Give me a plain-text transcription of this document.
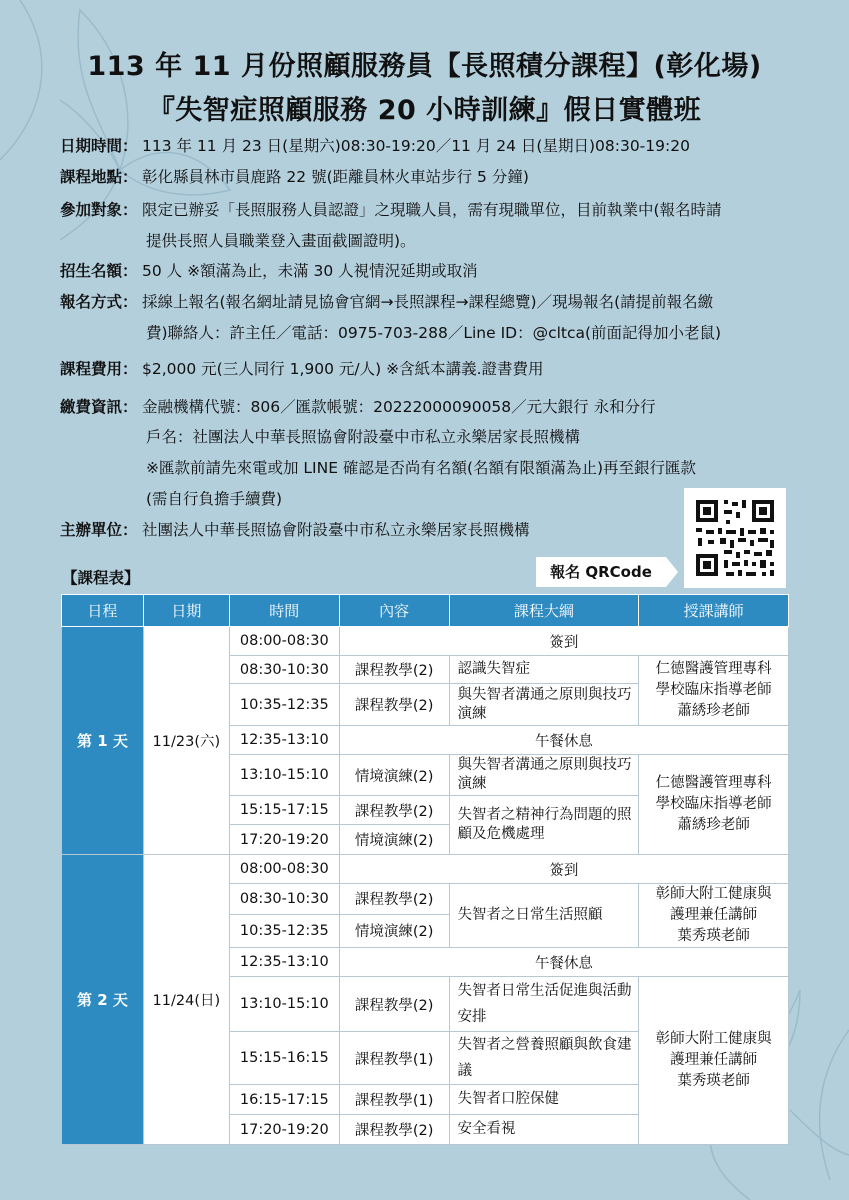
113 年 11 月份照顧服務員【長照積分課程】(彰化場)
『失智症照顧服務 20 小時訓練』假日實體班
日期時間： 113 年 11 月 23 日(星期六)08:30-19:20／11 月 24 日(星期日)08:30-19:20
課程地點： 彰化縣員林市員鹿路 22 號(距離員林火車站步行 5 分鐘)
參加對象： 限定已辦妥「長照服務人員認證」之現職人員，需有現職單位，目前執業中(報名時請
提供長照人員職業登入畫面截圖證明)。
招生名額： 50 人 ※額滿為止，未滿 30 人視情況延期或取消
報名方式： 採線上報名(報名網址請見協會官網→長照課程→課程總覽)／現場報名(請提前報名繳
費)聯絡人：許主任／電話：0975-703-288／Line ID：@cltca(前面記得加小老鼠)
課程費用： $2,000 元(三人同行 1,900 元/人) ※含紙本講義.證書費用
繳費資訊： 金融機構代號：806／匯款帳號：20222000090058／元大銀行 永和分行
戶名：社團法人中華長照協會附設臺中市私立永樂居家長照機構
※匯款前請先來電或加 LINE 確認是否尚有名額(名額有限額滿為止)再至銀行匯款
(需自行負擔手續費)
主辦單位： 社團法人中華長照協會附設臺中市私立永樂居家長照機構
報名 QRCode
【課程表】
日程	日期	時間	內容	課程大綱	授課講師
第 1 天	11/23(六)	08:00-08:30	簽到		
		08:30-10:30	課程教學(2)	認識失智症	仁德醫護管理專科
學校臨床指導老師
蕭綉珍老師

		10:35-12:35	課程教學(2)	與失智者溝通之原則與技巧演練	
		12:35-13:10	午餐休息		
		13:10-15:10	情境演練(2)	與失智者溝通之原則與技巧演練	仁德醫護管理專科
學校臨床指導老師
蕭綉珍老師

		15:15-17:15	課程教學(2)	失智者之精神行為問題的照顧及危機處理	
		17:20-19:20	情境演練(2)		
第 2 天	11/24(日)	08:00-08:30	簽到		
		08:30-10:30	課程教學(2)	失智者之日常生活照顧	彰師大附工健康與
護理兼任講師
葉秀瑛老師

		10:35-12:35	情境演練(2)		
		12:35-13:10	午餐休息		
		13:10-15:10	課程教學(2)	失智者日常生活促進與活動安排	彰師大附工健康與
護理兼任講師
葉秀瑛老師

		15:15-16:15	課程教學(1)	失智者之營養照顧與飲食建議	
		16:15-17:15	課程教學(1)	失智者口腔保健	
		17:20-19:20	課程教學(2)	安全看視	
